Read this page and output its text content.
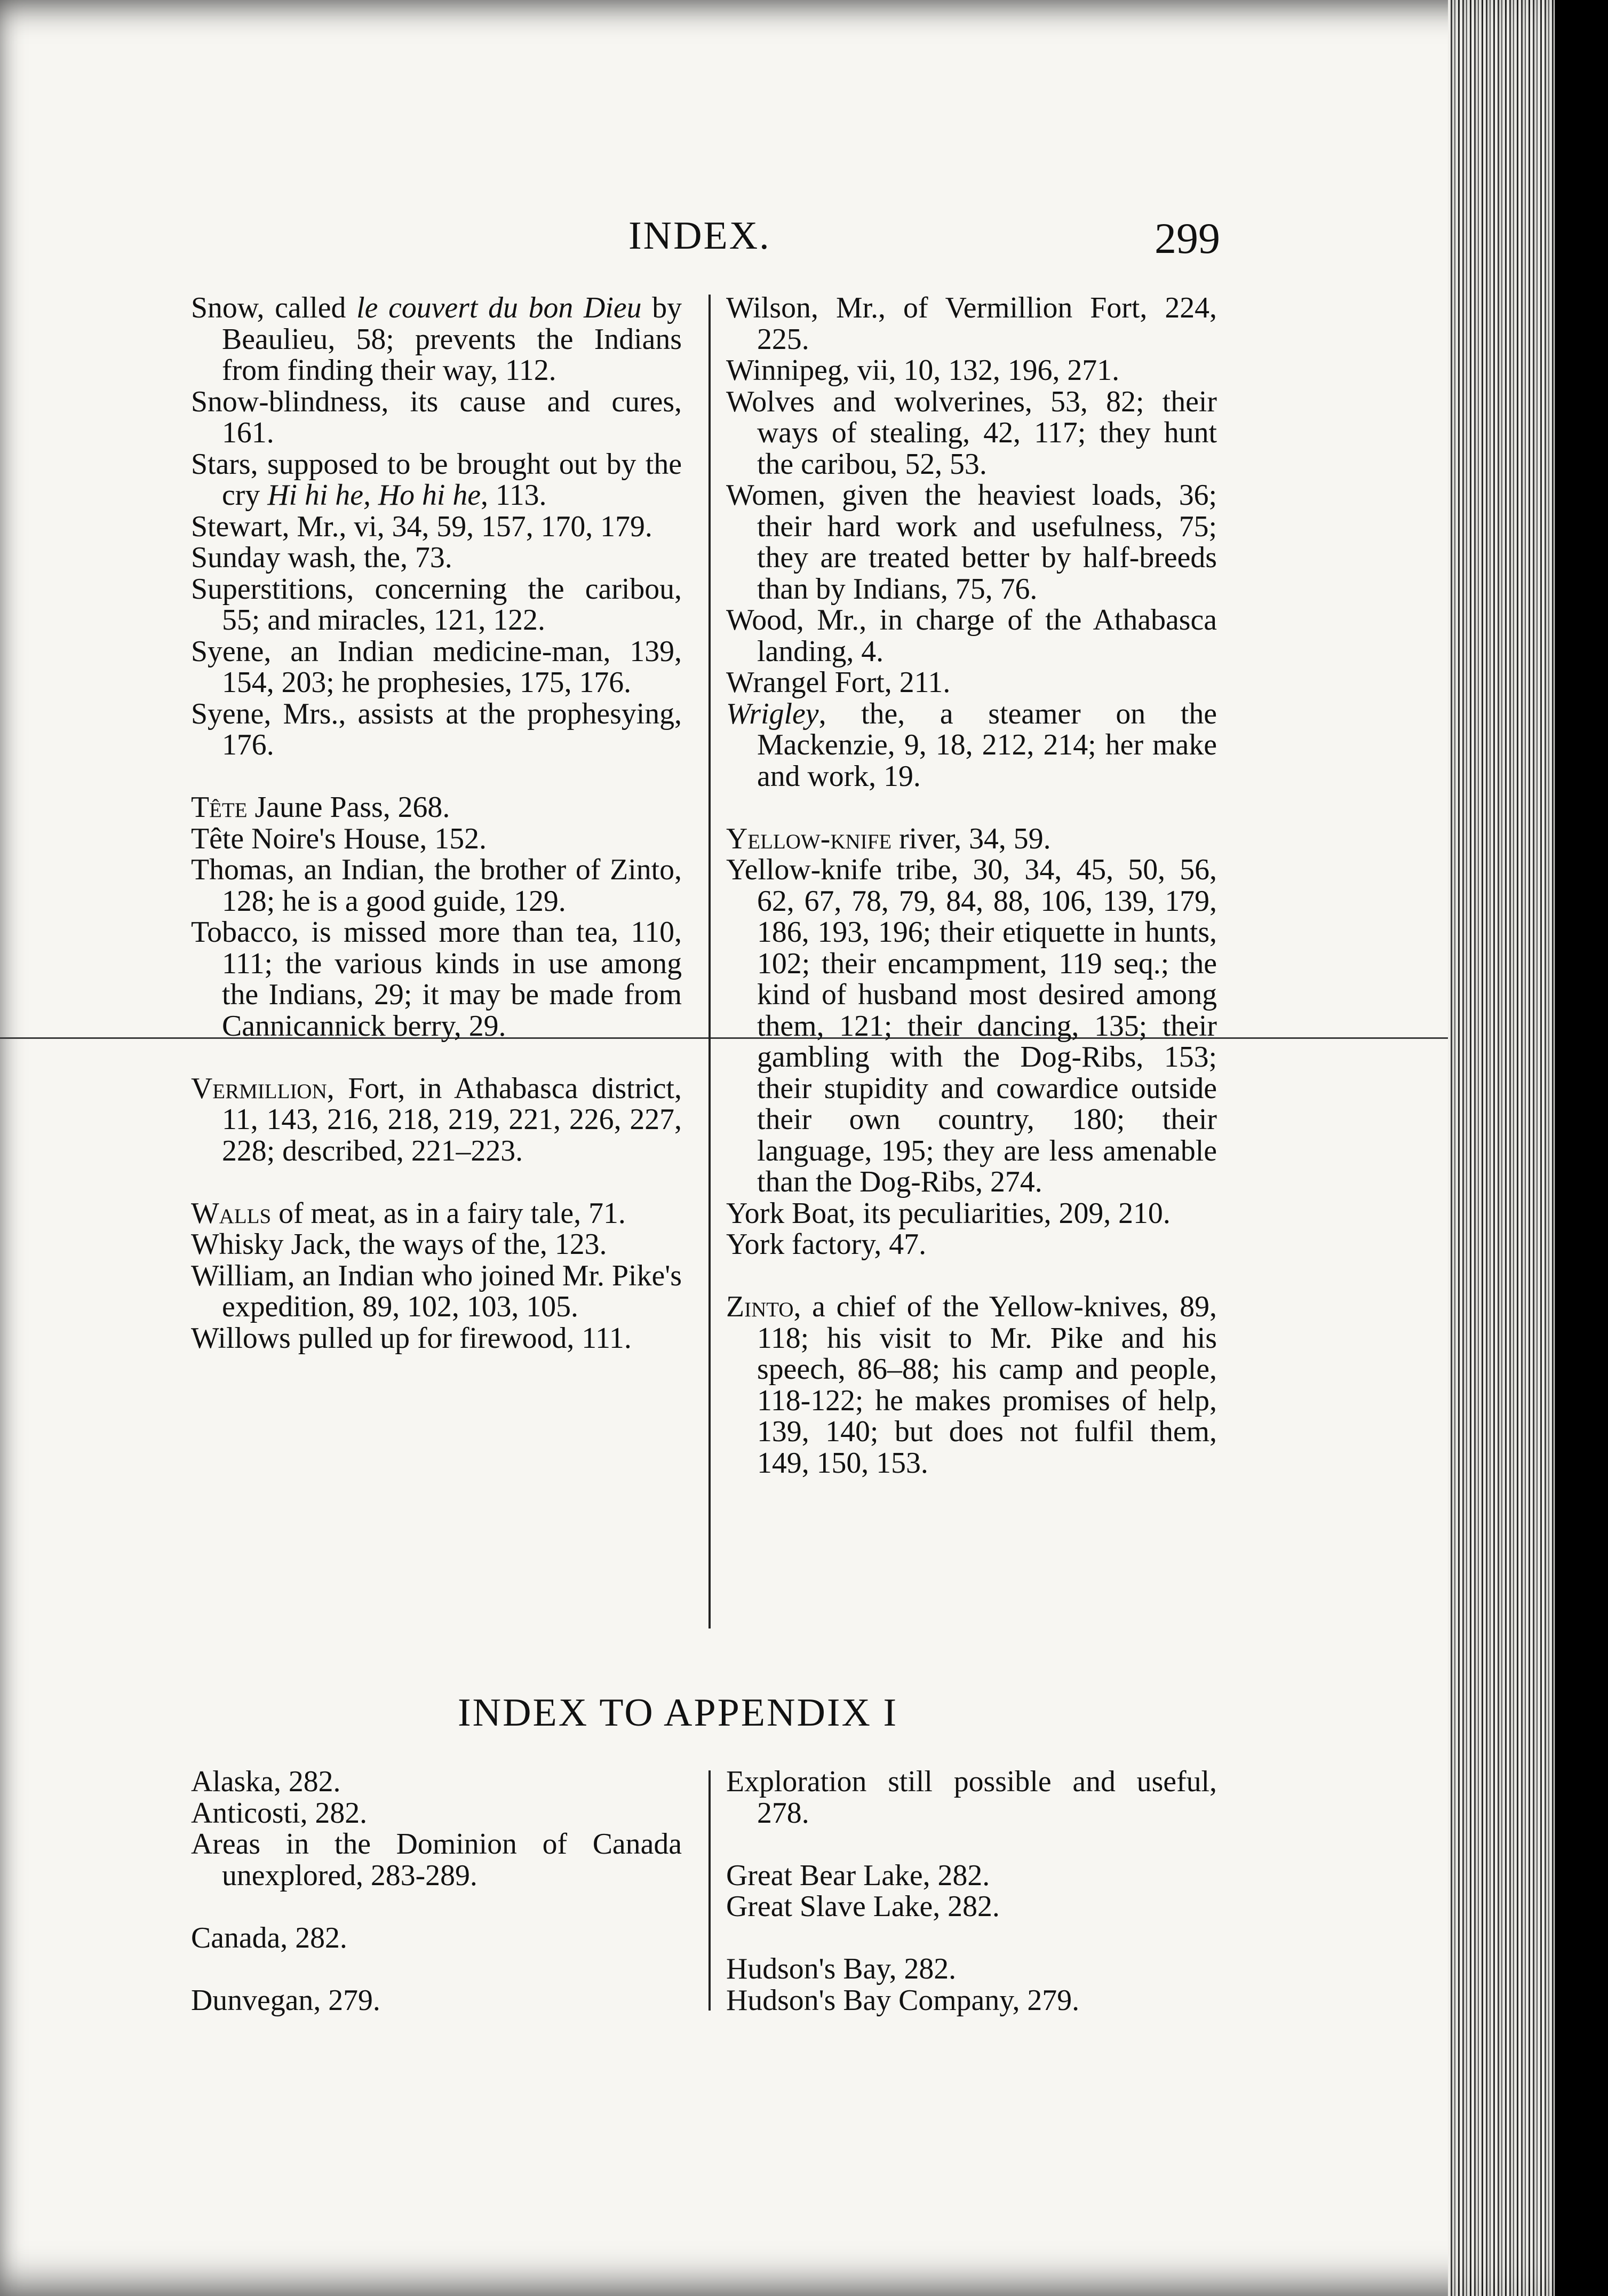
INDEX.	299
Snow, called le couvert du bon Dieu by Beaulieu, 58; prevents the Indians from finding their way, 112.
Snow-blindness, its cause and cures, 161.
Stars, supposed to be brought out by the cry Hi hi he, Ho hi he, 113.
Stewart, Mr., vi, 34, 59, 157, 170, 179.
Sunday wash, the, 73.
Superstitions, concerning the caribou, 55; and miracles, 121, 122.
Syene, an Indian medicine-man, 139, 154, 203; he prophesies, 175, 176.
Syene, Mrs., assists at the prophesying, 176.
Tête Jaune Pass, 268.
Tête Noire's House, 152.
Thomas, an Indian, the brother of Zinto, 128; he is a good guide, 129.
Tobacco, is missed more than tea, 110, 111; the various kinds in use among the Indians, 29; it may be made from Cannicannick berry, 29.
Vermillion, Fort, in Athabasca district, 11, 143, 216, 218, 219, 221, 226, 227, 228; described, 221–223.
Walls of meat, as in a fairy tale, 71.
Whisky Jack, the ways of the, 123.
William, an Indian who joined Mr. Pike's expedition, 89, 102, 103, 105.
Willows pulled up for firewood, 111.
Wilson, Mr., of Vermillion Fort, 224, 225.
Winnipeg, vii, 10, 132, 196, 271.
Wolves and wolverines, 53, 82; their ways of stealing, 42, 117; they hunt the caribou, 52, 53.
Women, given the heaviest loads, 36; their hard work and usefulness, 75; they are treated better by half-breeds than by Indians, 75, 76.
Wood, Mr., in charge of the Athabasca landing, 4.
Wrangel Fort, 211.
Wrigley, the, a steamer on the Mackenzie, 9, 18, 212, 214; her make and work, 19.
Yellow-knife river, 34, 59.
Yellow-knife tribe, 30, 34, 45, 50, 56, 62, 67, 78, 79, 84, 88, 106, 139, 179, 186, 193, 196; their etiquette in hunts, 102; their encampment, 119 seq.; the kind of husband most desired among them, 121; their dancing, 135; their gambling with the Dog-Ribs, 153; their stupidity and cowardice outside their own country, 180; their language, 195; they are less amenable than the Dog-Ribs, 274.
York Boat, its peculiarities, 209, 210.
York factory, 47.
Zinto, a chief of the Yellow-knives, 89, 118; his visit to Mr. Pike and his speech, 86–88; his camp and people, 118-122; he makes promises of help, 139, 140; but does not fulfil them, 149, 150, 153.
INDEX TO APPENDIX I
Alaska, 282.
Anticosti, 282.
Areas in the Dominion of Canada unexplored, 283-289.
Canada, 282.
Dunvegan, 279.
Exploration still possible and useful, 278.
Great Bear Lake, 282.
Great Slave Lake, 282.
Hudson's Bay, 282.
Hudson's Bay Company, 279.
